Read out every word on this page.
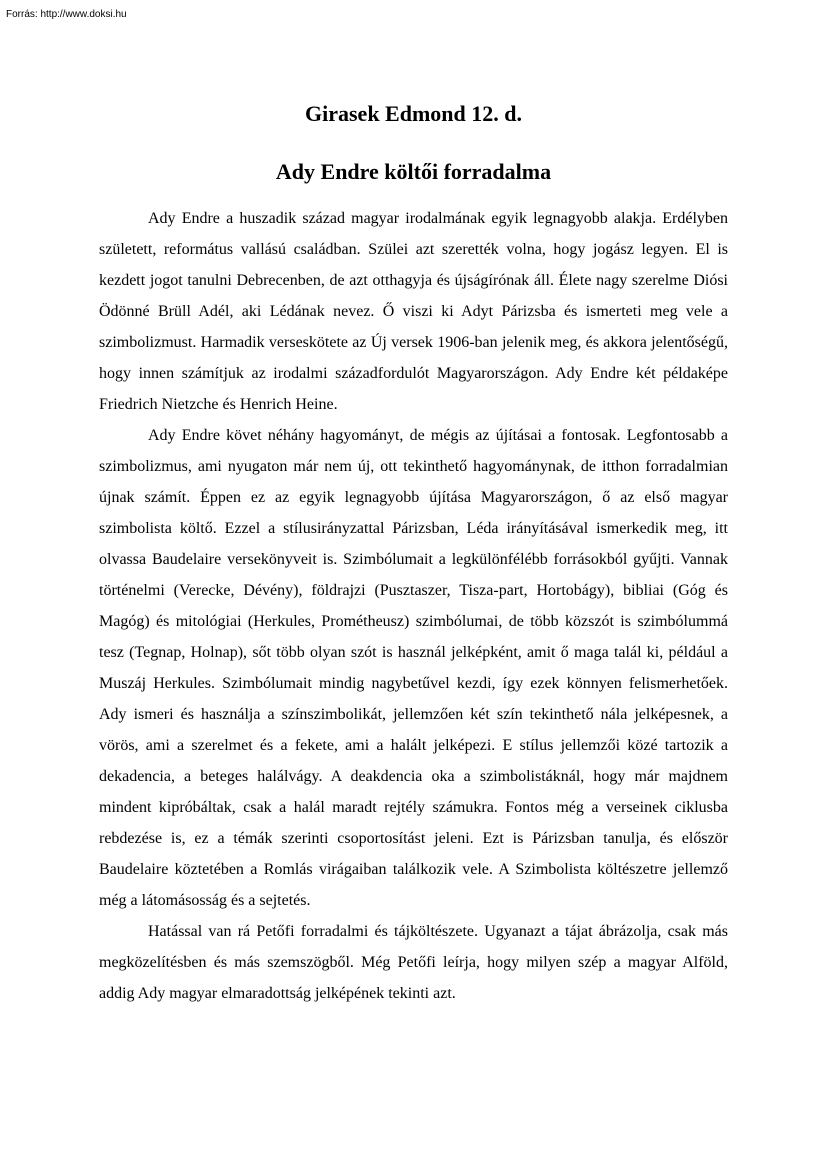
Forrás: http://www.doksi.hu
Girasek Edmond 12. d.
Ady Endre költői forradalma

Ady Endre a huszadik század magyar irodalmának egyik legnagyobb alakja. Erdélyben született, református vallású családban. Szülei azt szerették volna, hogy jogász legyen. El is kezdett jogot tanulni Debrecenben, de azt otthagyja és újságírónak áll. Élete nagy szerelme Diósi Ödönné Brüll Adél, aki Lédának nevez. Ő viszi ki Adyt Párizsba és ismerteti meg vele a szimbolizmust. Harmadik verseskötete az Új versek 1906-ban jelenik meg, és akkora jelentőségű, hogy innen számítjuk az irodalmi századfordulót Magyarországon. Ady Endre két példaképe Friedrich Nietzche és Henrich Heine.

Ady Endre követ néhány hagyományt, de mégis az újításai a fontosak. Legfontosabb a szimbolizmus, ami nyugaton már nem új, ott tekinthető hagyománynak, de itthon forradalmian újnak számít. Éppen ez az egyik legnagyobb újítása Magyarországon, ő az első magyar szimbolista költő. Ezzel a stílusirányzattal Párizsban, Léda irányításával ismerkedik meg, itt olvassa Baudelaire versekönyveit is. Szimbólumait a legkülönfélébb forrásokból gyűjti. Vannak történelmi (Verecke, Dévény), földrajzi (Pusztaszer, Tisza-part, Hortobágy), bibliai (Góg és Magóg) és mitológiai (Herkules, Prométheusz) szimbólumai, de több közszót is szimbólummá tesz (Tegnap, Holnap), sőt több olyan szót is használ jelképként, amit ő maga talál ki, például a Muszáj Herkules. Szimbólumait mindig nagybetűvel kezdi, így ezek könnyen felismerhetőek. Ady ismeri és használja a színszimbolikát, jellemzően két szín tekinthető nála jelképesnek, a vörös, ami a szerelmet és a fekete, ami a halált jelképezi. E stílus jellemzői közé tartozik a dekadencia, a beteges halálvágy. A deakdencia oka a szimbolistáknál, hogy már majdnem mindent kipróbáltak, csak a halál maradt rejtély számukra. Fontos még a verseinek ciklusba rebdezése is, ez a témák szerinti csoportosítást jeleni. Ezt is Párizsban tanulja, és először Baudelaire köztetében a Romlás virágaiban találkozik vele. A Szimbolista költészetre jellemző még a látomásosság és a sejtetés.

Hatással van rá Petőfi forradalmi és tájköltészete. Ugyanazt a tájat ábrázolja, csak más megközelítésben és más szemszögből. Még Petőfi leírja, hogy milyen szép a magyar Alföld, addig Ady magyar elmaradottság jelképének tekinti azt.
